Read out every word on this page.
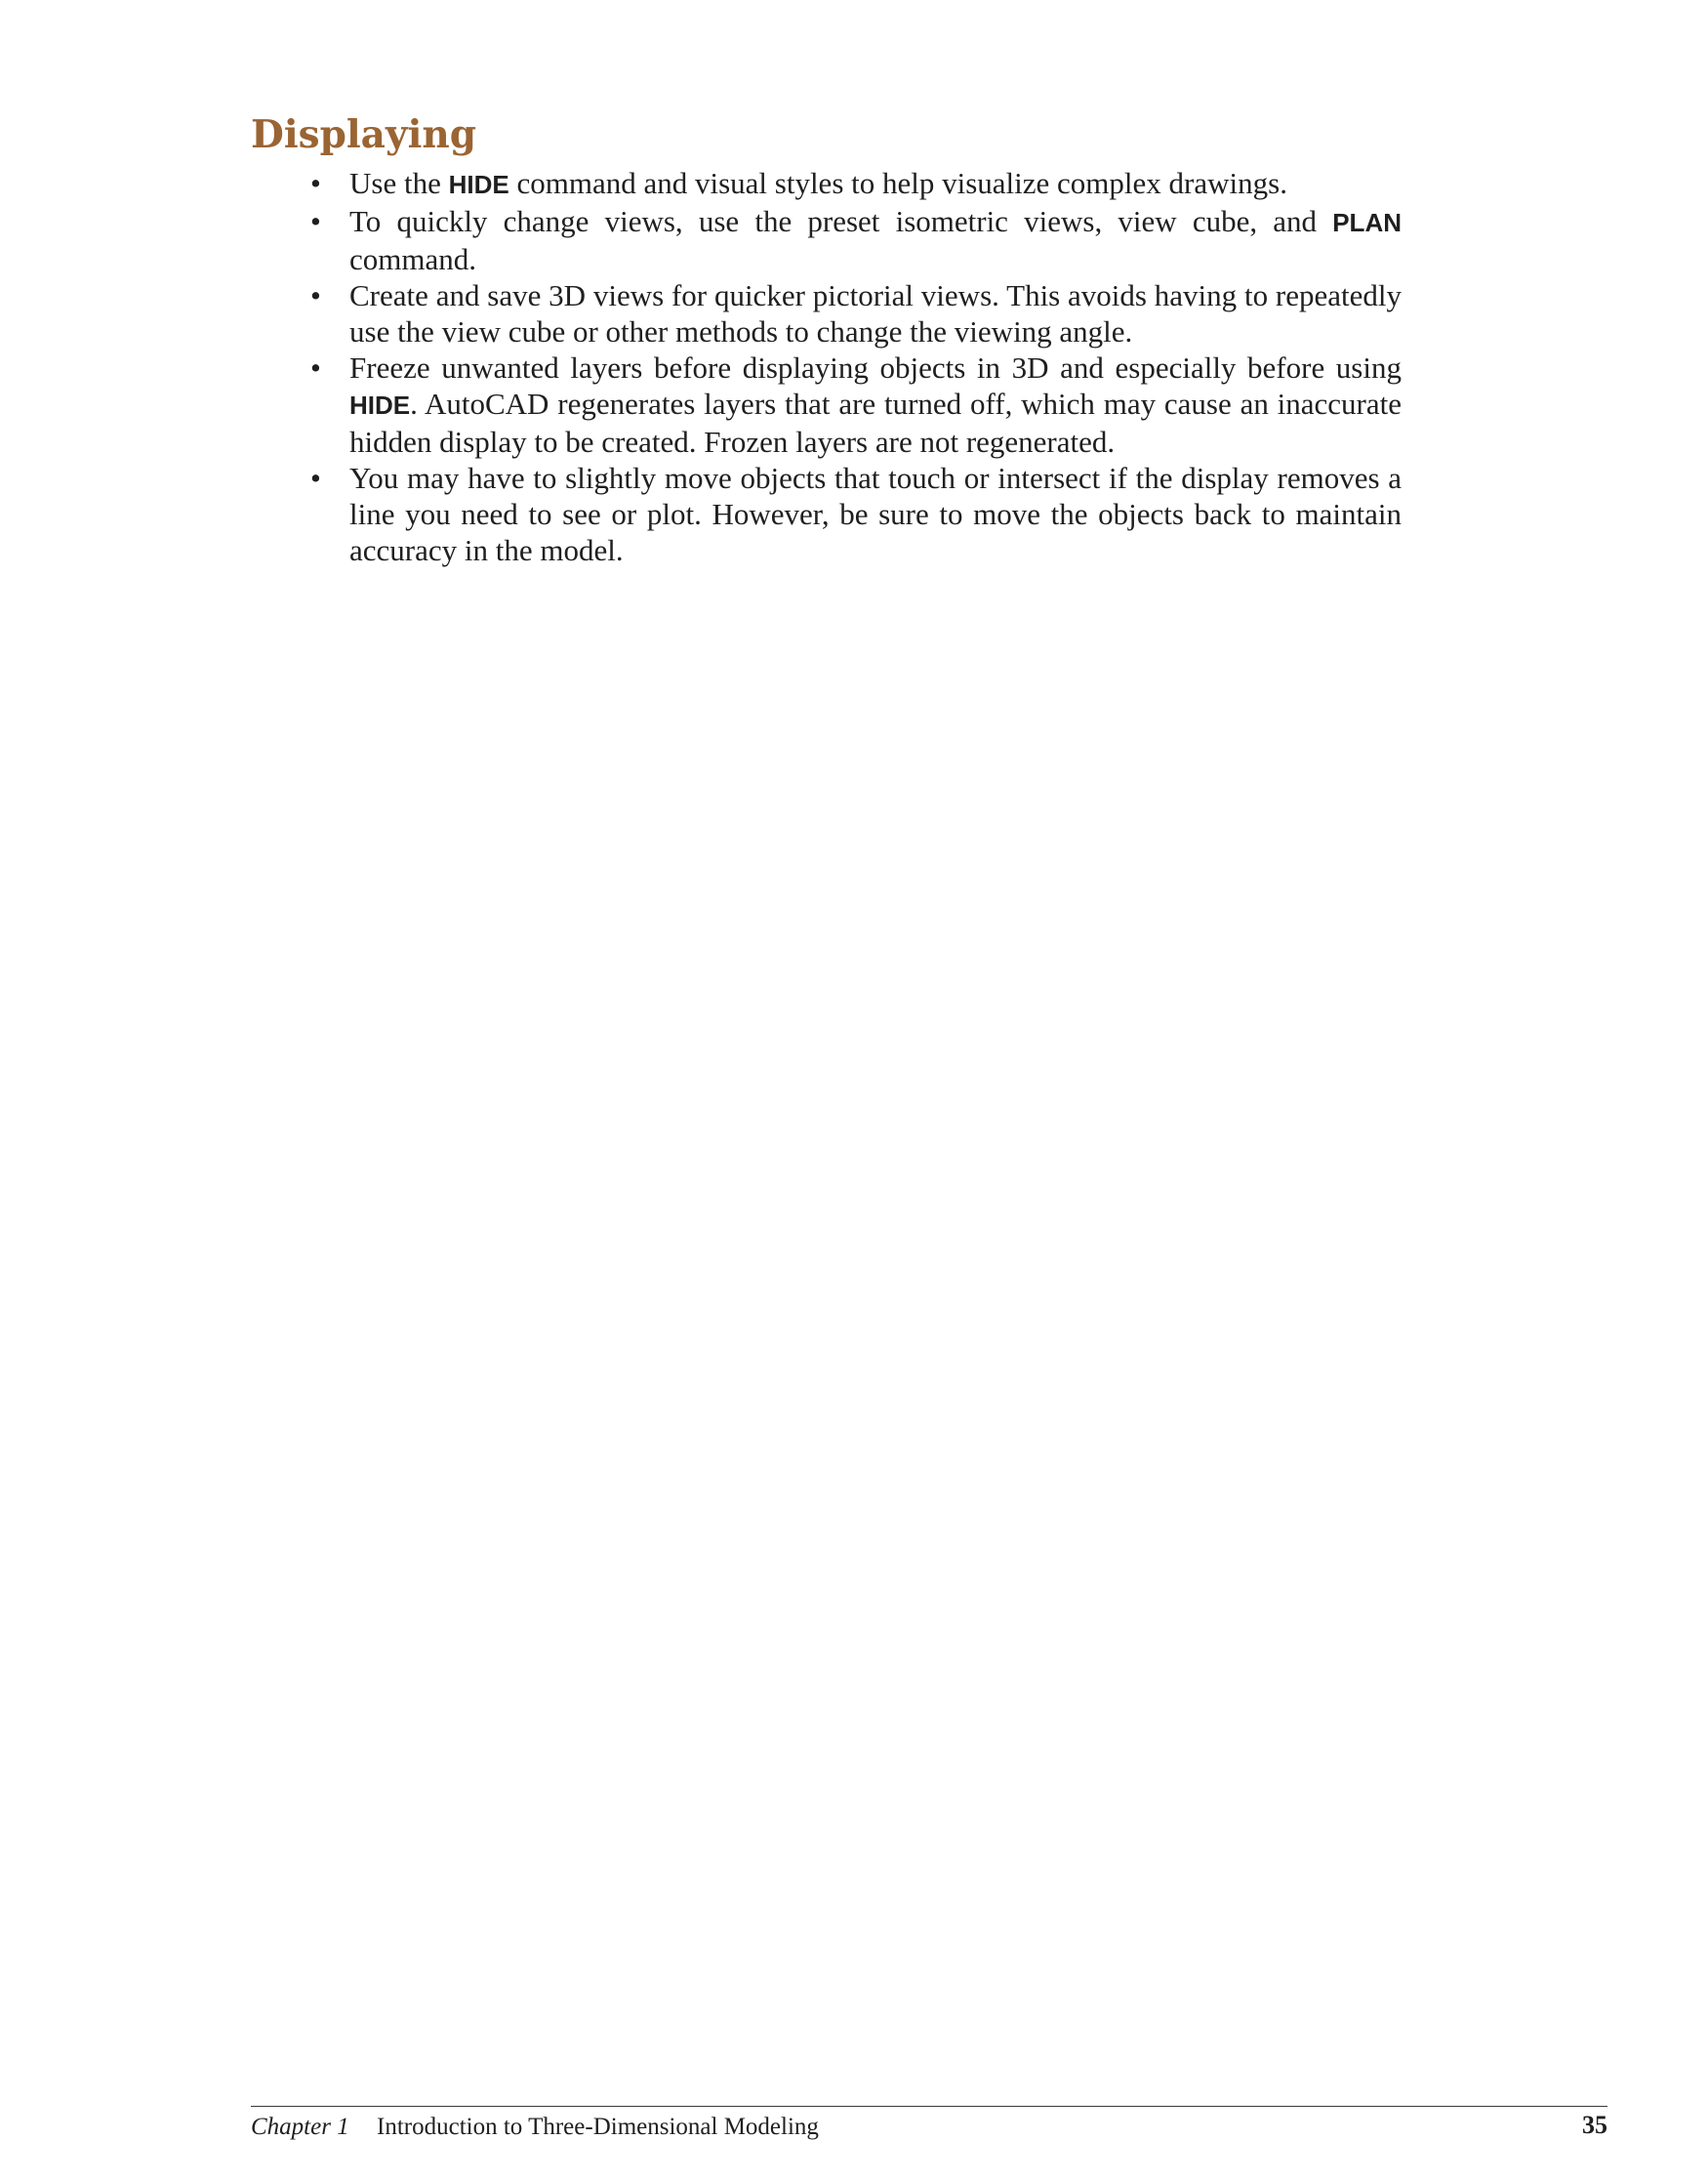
Displaying
• Use the HIDE command and visual styles to help visualize complex drawings.
• To quickly change views, use the preset isometric views, view cube, and PLAN command.
• Create and save 3D views for quicker pictorial views. This avoids having to repeatedly use the view cube or other methods to change the viewing angle.
• Freeze unwanted layers before displaying objects in 3D and especially before using HIDE. AutoCAD regenerates layers that are turned off, which may cause an inaccurate hidden display to be created. Frozen layers are not regenerated.
• You may have to slightly move objects that touch or intersect if the display removes a line you need to see or plot. However, be sure to move the objects back to maintain accuracy in the model.
Chapter 1 Introduction to Three-Dimensional Modeling	35
